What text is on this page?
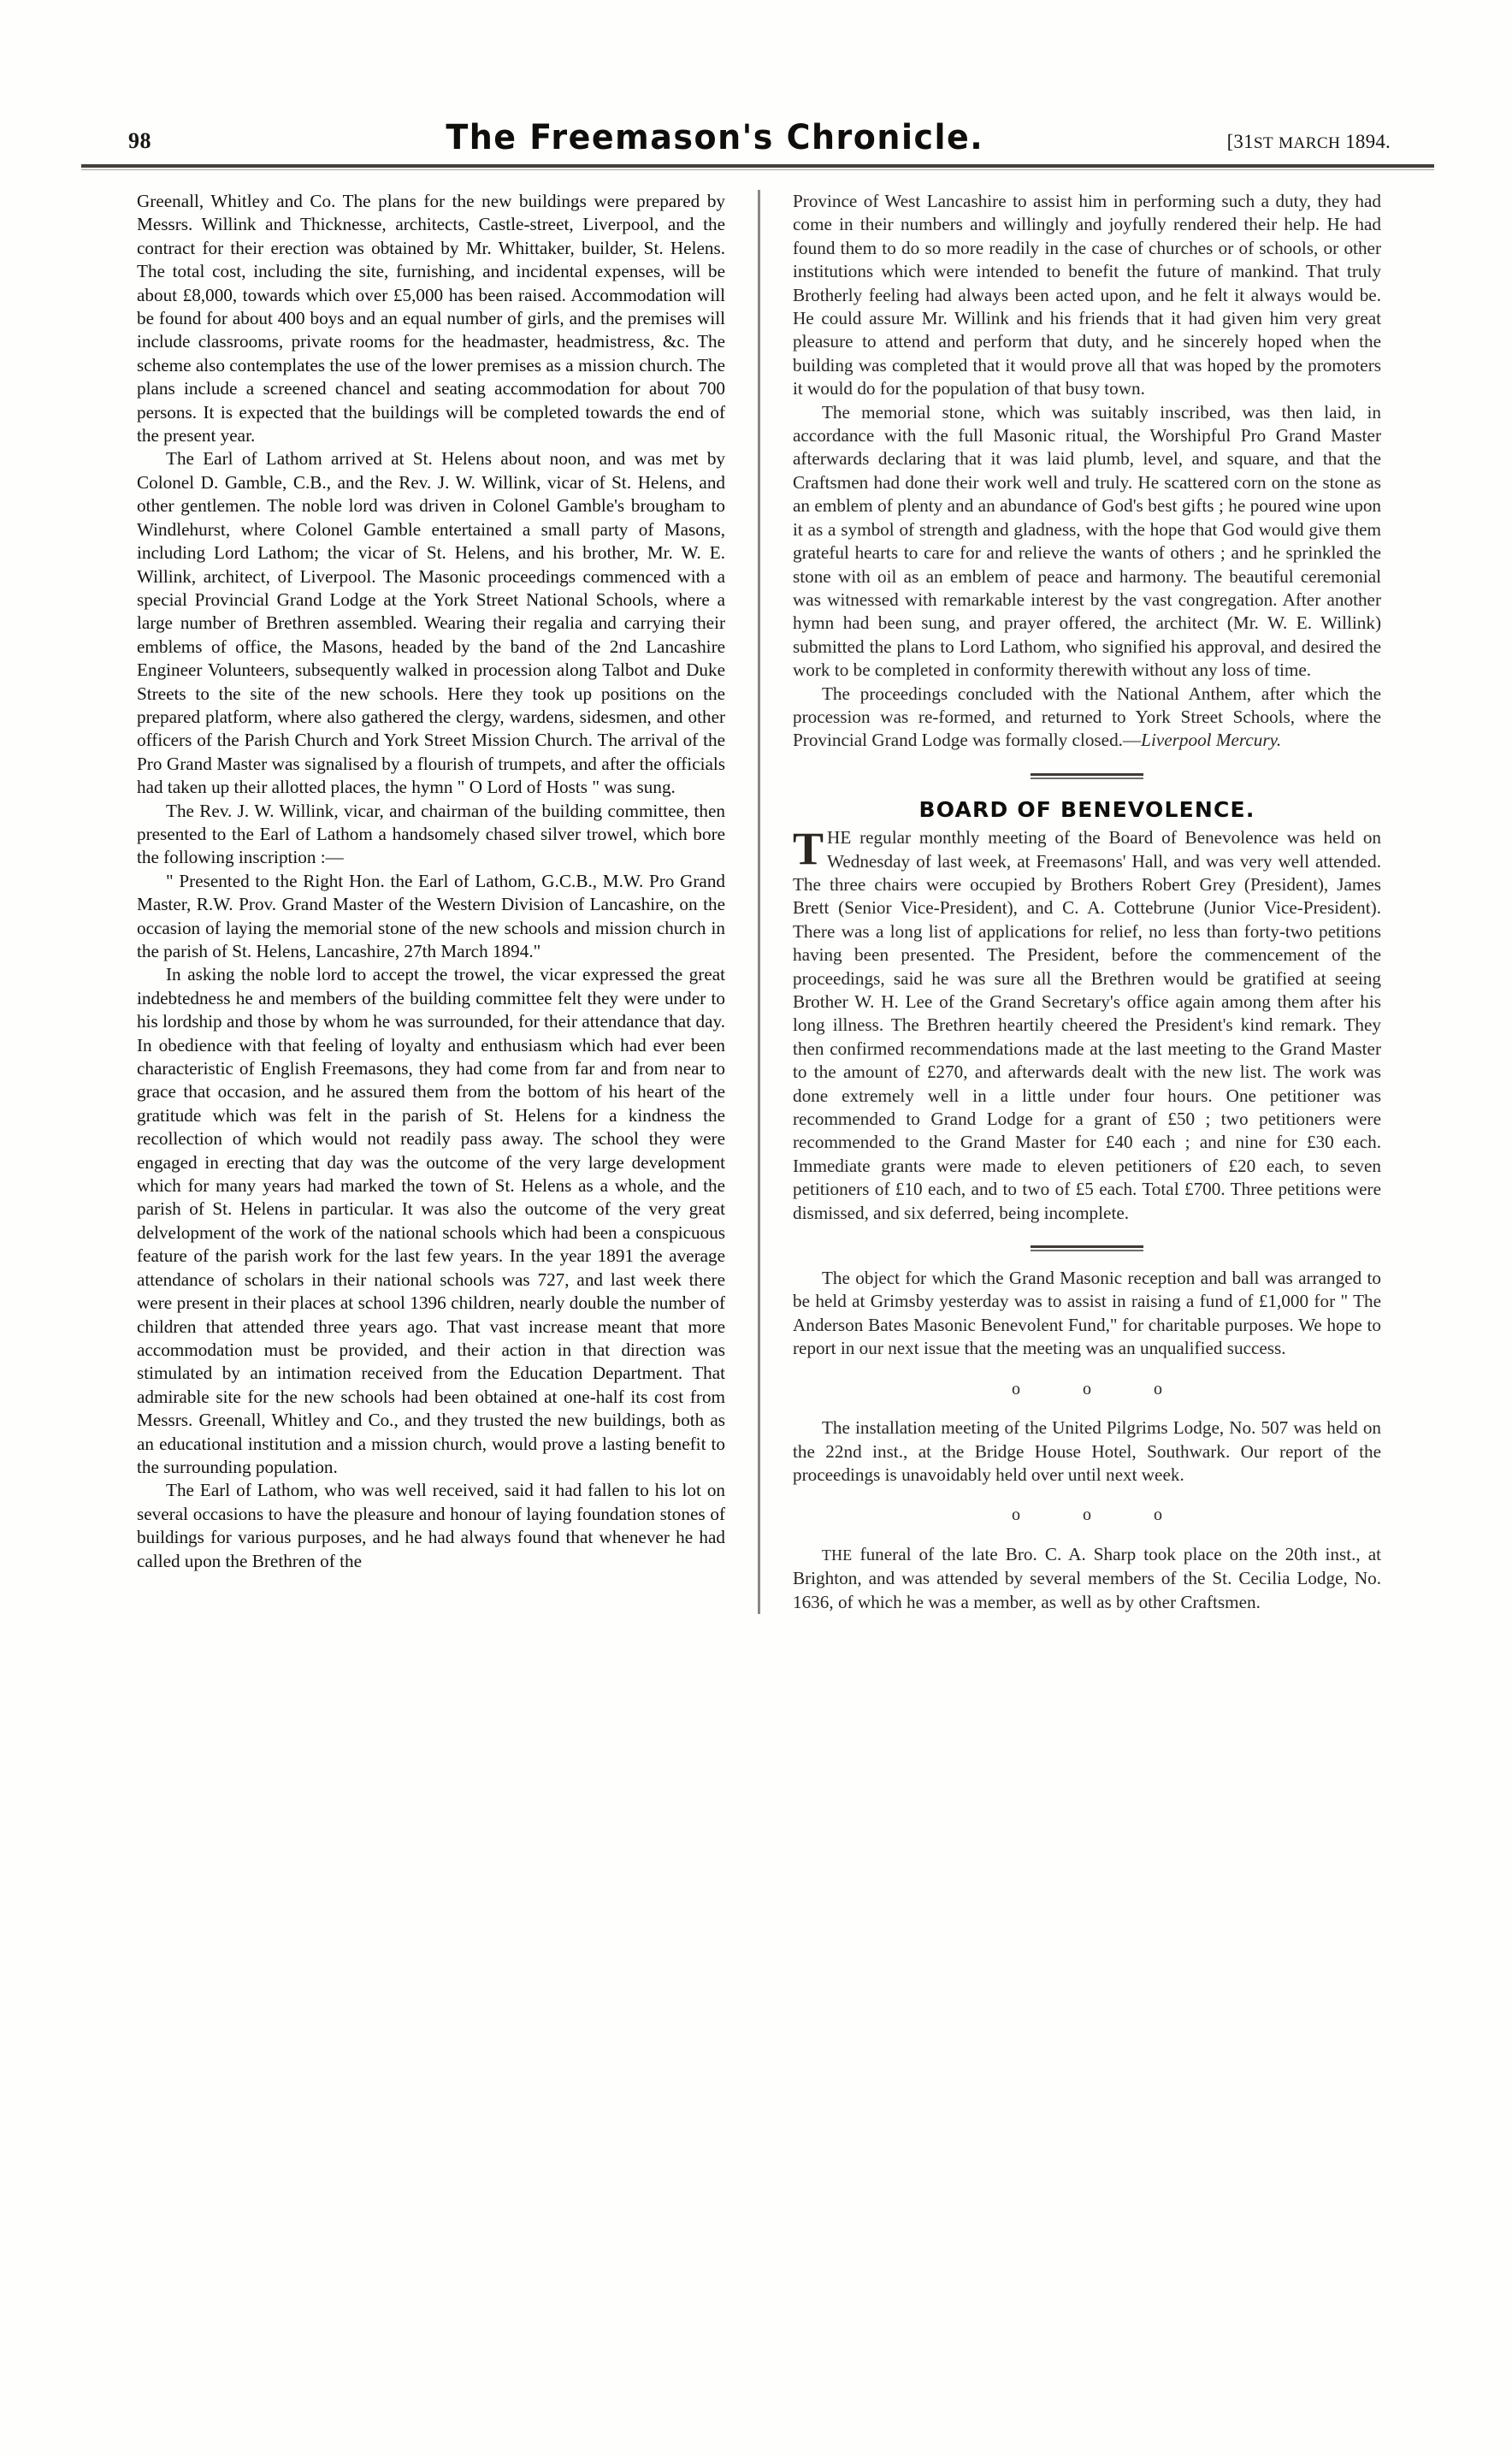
98	The Freemason's Chronicle.	[31ST MARCH 1894.

Greenall, Whitley and Co. The plans for the new buildings were prepared by Messrs. Willink and Thicknesse, architects, Castle-street, Liverpool, and the contract for their erection was obtained by Mr. Whittaker, builder, St. Helens. The total cost, including the site, furnishing, and incidental expenses, will be about £8,000, towards which over £5,000 has been raised. Accommodation will be found for about 400 boys and an equal number of girls, and the premises will include classrooms, private rooms for the headmaster, headmistress, &c. The scheme also contemplates the use of the lower premises as a mission church. The plans include a screened chancel and seating accommodation for about 700 persons. It is expected that the buildings will be completed towards the end of the present year.

The Earl of Lathom arrived at St. Helens about noon, and was met by Colonel D. Gamble, C.B., and the Rev. J. W. Willink, vicar of St. Helens, and other gentlemen. The noble lord was driven in Colonel Gamble's brougham to Windlehurst, where Colonel Gamble entertained a small party of Masons, including Lord Lathom; the vicar of St. Helens, and his brother, Mr. W. E. Willink, architect, of Liverpool. The Masonic proceedings commenced with a special Provincial Grand Lodge at the York Street National Schools, where a large number of Brethren assembled. Wearing their regalia and carrying their emblems of office, the Masons, headed by the band of the 2nd Lancashire Engineer Volunteers, subsequently walked in procession along Talbot and Duke Streets to the site of the new schools. Here they took up positions on the prepared platform, where also gathered the clergy, wardens, sidesmen, and other officers of the Parish Church and York Street Mission Church. The arrival of the Pro Grand Master was signalised by a flourish of trumpets, and after the officials had taken up their allotted places, the hymn " O Lord of Hosts " was sung.

The Rev. J. W. Willink, vicar, and chairman of the building committee, then presented to the Earl of Lathom a handsomely chased silver trowel, which bore the following inscription :—

" Presented to the Right Hon. the Earl of Lathom, G.C.B., M.W. Pro Grand Master, R.W. Prov. Grand Master of the Western Division of Lancashire, on the occasion of laying the memorial stone of the new schools and mission church in the parish of St. Helens, Lancashire, 27th March 1894."

In asking the noble lord to accept the trowel, the vicar expressed the great indebtedness he and members of the building committee felt they were under to his lordship and those by whom he was surrounded, for their attendance that day. In obedience with that feeling of loyalty and enthusiasm which had ever been characteristic of English Freemasons, they had come from far and from near to grace that occasion, and he assured them from the bottom of his heart of the gratitude which was felt in the parish of St. Helens for a kindness the recollection of which would not readily pass away. The school they were engaged in erecting that day was the outcome of the very large development which for many years had marked the town of St. Helens as a whole, and the parish of St. Helens in particular. It was also the outcome of the very great delvelopment of the work of the national schools which had been a conspicuous feature of the parish work for the last few years. In the year 1891 the average attendance of scholars in their national schools was 727, and last week there were present in their places at school 1396 children, nearly double the number of children that attended three years ago. That vast increase meant that more accommodation must be provided, and their action in that direction was stimulated by an intimation received from the Education Department. That admirable site for the new schools had been obtained at one-half its cost from Messrs. Greenall, Whitley and Co., and they trusted the new buildings, both as an educational institution and a mission church, would prove a lasting benefit to the surrounding population.

The Earl of Lathom, who was well received, said it had fallen to his lot on several occasions to have the pleasure and honour of laying foundation stones of buildings for various purposes, and he had always found that whenever he had called upon the Brethren of the

Province of West Lancashire to assist him in performing such a duty, they had come in their numbers and willingly and joyfully rendered their help. He had found them to do so more readily in the case of churches or of schools, or other institutions which were intended to benefit the future of mankind. That truly Brotherly feeling had always been acted upon, and he felt it always would be. He could assure Mr. Willink and his friends that it had given him very great pleasure to attend and perform that duty, and he sincerely hoped when the building was completed that it would prove all that was hoped by the promoters it would do for the population of that busy town.

The memorial stone, which was suitably inscribed, was then laid, in accordance with the full Masonic ritual, the Worshipful Pro Grand Master afterwards declaring that it was laid plumb, level, and square, and that the Craftsmen had done their work well and truly. He scattered corn on the stone as an emblem of plenty and an abundance of God's best gifts ; he poured wine upon it as a symbol of strength and gladness, with the hope that God would give them grateful hearts to care for and relieve the wants of others ; and he sprinkled the stone with oil as an emblem of peace and harmony. The beautiful ceremonial was witnessed with remarkable interest by the vast congregation. After another hymn had been sung, and prayer offered, the architect (Mr. W. E. Willink) submitted the plans to Lord Lathom, who signified his approval, and desired the work to be completed in conformity therewith without any loss of time.

The proceedings concluded with the National Anthem, after which the procession was re-formed, and returned to York Street Schools, where the Provincial Grand Lodge was formally closed.—Liverpool Mercury.

BOARD OF BENEVOLENCE.

THE regular monthly meeting of the Board of Benevolence was held on Wednesday of last week, at Freemasons' Hall, and was very well attended. The three chairs were occupied by Brothers Robert Grey (President), James Brett (Senior Vice-President), and C. A. Cottebrune (Junior Vice-President). There was a long list of applications for relief, no less than forty-two petitions having been presented. The President, before the commencement of the proceedings, said he was sure all the Brethren would be gratified at seeing Brother W. H. Lee of the Grand Secretary's office again among them after his long illness. The Brethren heartily cheered the President's kind remark. They then confirmed recommendations made at the last meeting to the Grand Master to the amount of £270, and afterwards dealt with the new list. The work was done extremely well in a little under four hours. One petitioner was recommended to Grand Lodge for a grant of £50 ; two petitioners were recommended to the Grand Master for £40 each ; and nine for £30 each. Immediate grants were made to eleven petitioners of £20 each, to seven petitioners of £10 each, and to two of £5 each. Total £700. Three petitions were dismissed, and six deferred, being incomplete.

The object for which the Grand Masonic reception and ball was arranged to be held at Grimsby yesterday was to assist in raising a fund of £1,000 for " The Anderson Bates Masonic Benevolent Fund," for charitable purposes. We hope to report in our next issue that the meeting was an unqualified success.

o o o

The installation meeting of the United Pilgrims Lodge, No. 507 was held on the 22nd inst., at the Bridge House Hotel, Southwark. Our report of the proceedings is unavoidably held over until next week.

o o o

THE funeral of the late Bro. C. A. Sharp took place on the 20th inst., at Brighton, and was attended by several members of the St. Cecilia Lodge, No. 1636, of which he was a member, as well as by other Craftsmen.
